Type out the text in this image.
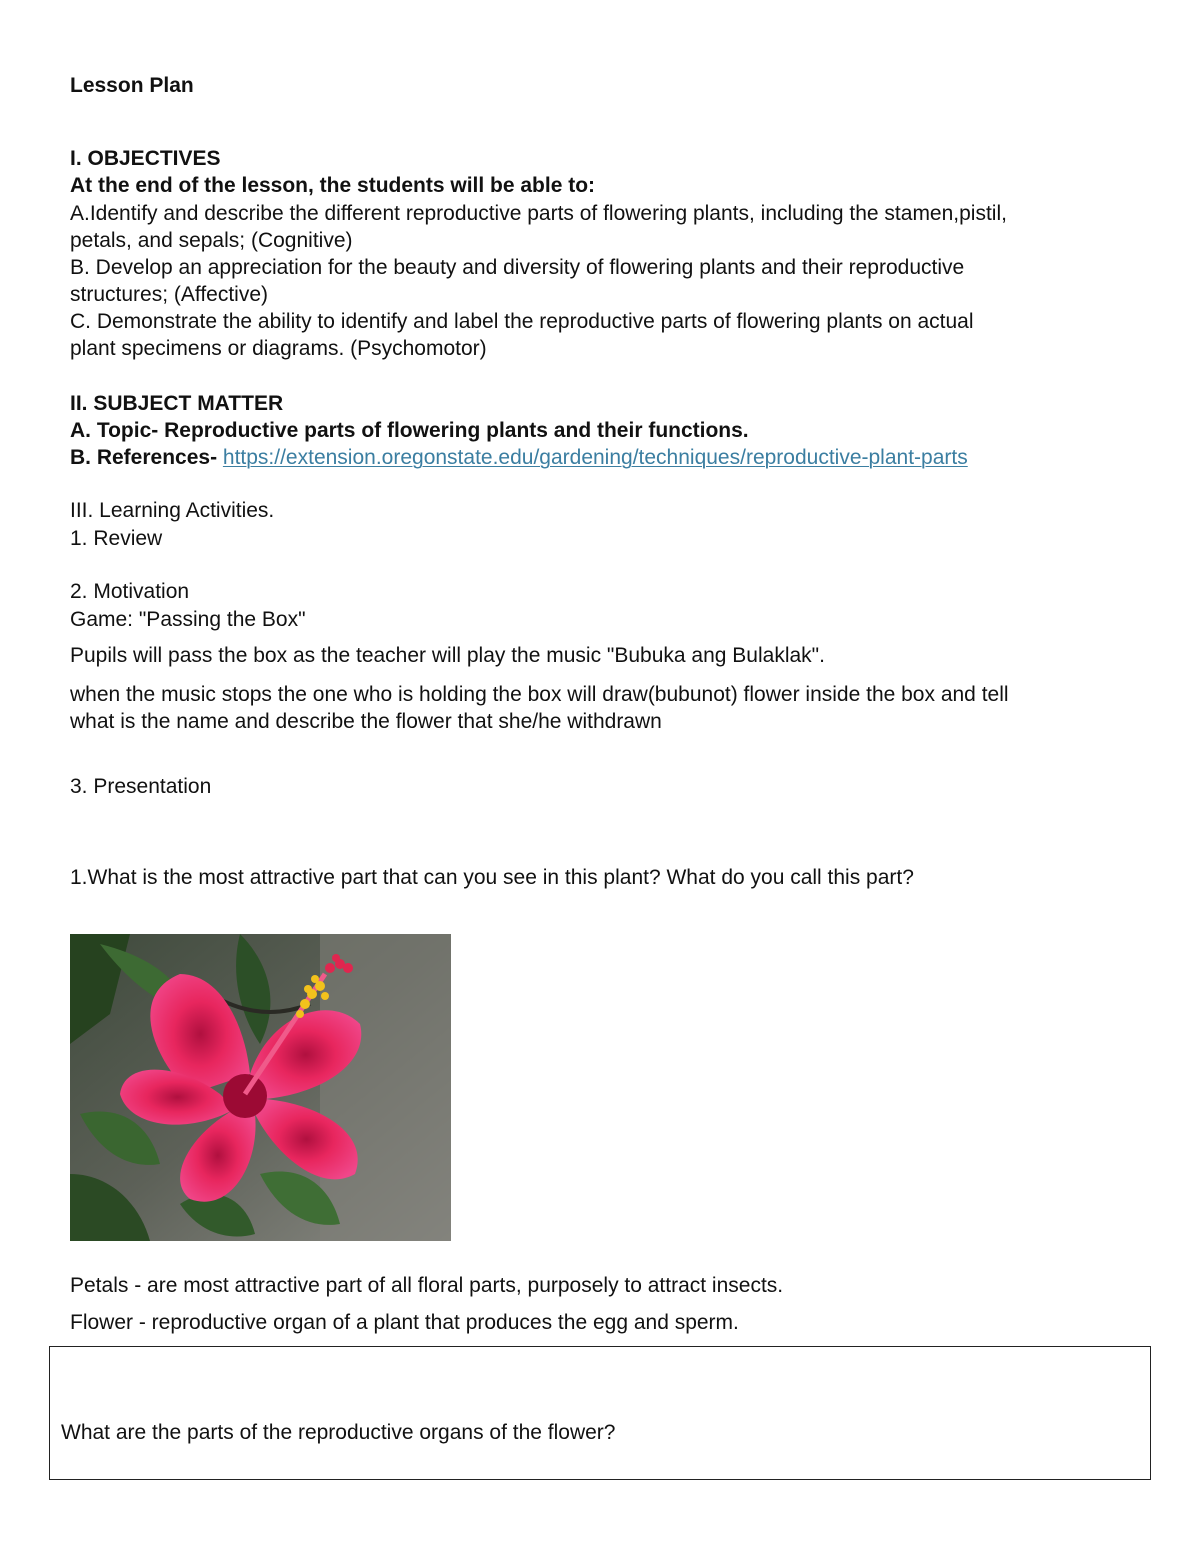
Lesson Plan
I. OBJECTIVES
At the end of the lesson, the students will be able to:
A.Identify and describe the different reproductive parts of flowering plants, including the stamen,pistil,
petals, and sepals; (Cognitive)
B. Develop an appreciation for the beauty and diversity of flowering plants and their reproductive
structures; (Affective)
C. Demonstrate the ability to identify and label the reproductive parts of flowering plants on actual
plant specimens or diagrams. (Psychomotor)
II. SUBJECT MATTER
A. Topic- Reproductive parts of flowering plants and their functions.
B. References- https://extension.oregonstate.edu/gardening/techniques/reproductive-plant-parts
III. Learning Activities.
1. Review
2. Motivation
Game: "Passing the Box"
Pupils will pass the box as the teacher will play the music "Bubuka ang Bulaklak".
when the music stops the one who is holding the box will draw(bubunot) flower inside the box and tell
what is the name and describe the flower that she/he withdrawn
3. Presentation
1.What is the most attractive part that can you see in this plant? What do you call this part?
Petals - are most attractive part of all floral parts, purposely to attract insects.
Flower - reproductive organ of a plant that produces the egg and sperm.
What are the parts of the reproductive organs of the flower?
